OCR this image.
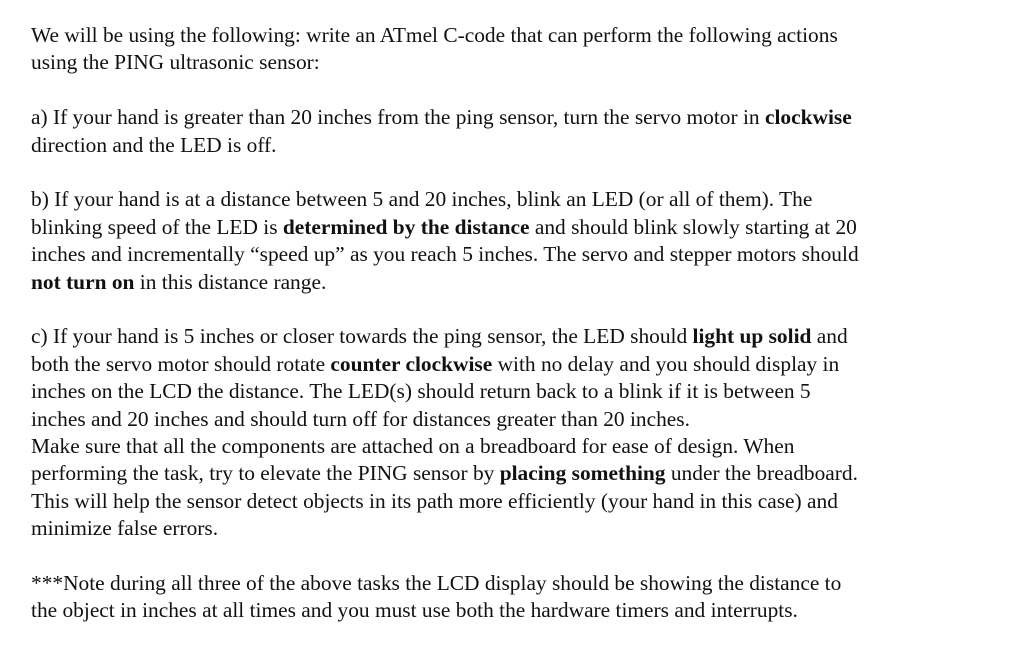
We will be using the following: write an ATmel C-code that can perform the following actions
using the PING ultrasonic sensor:

a) If your hand is greater than 20 inches from the ping sensor, turn the servo motor in clockwise
direction and the LED is off.

b) If your hand is at a distance between 5 and 20 inches, blink an LED (or all of them). The
blinking speed of the LED is determined by the distance and should blink slowly starting at 20
inches and incrementally “speed up” as you reach 5 inches. The servo and stepper motors should
not turn on in this distance range.

c) If your hand is 5 inches or closer towards the ping sensor, the LED should light up solid and
both the servo motor should rotate counter clockwise with no delay and you should display in
inches on the LCD the distance. The LED(s) should return back to a blink if it is between 5
inches and 20 inches and should turn off for distances greater than 20 inches.
Make sure that all the components are attached on a breadboard for ease of design. When
performing the task, try to elevate the PING sensor by placing something under the breadboard.
This will help the sensor detect objects in its path more efficiently (your hand in this case) and
minimize false errors.

***Note during all three of the above tasks the LCD display should be showing the distance to
the object in inches at all times and you must use both the hardware timers and interrupts.
